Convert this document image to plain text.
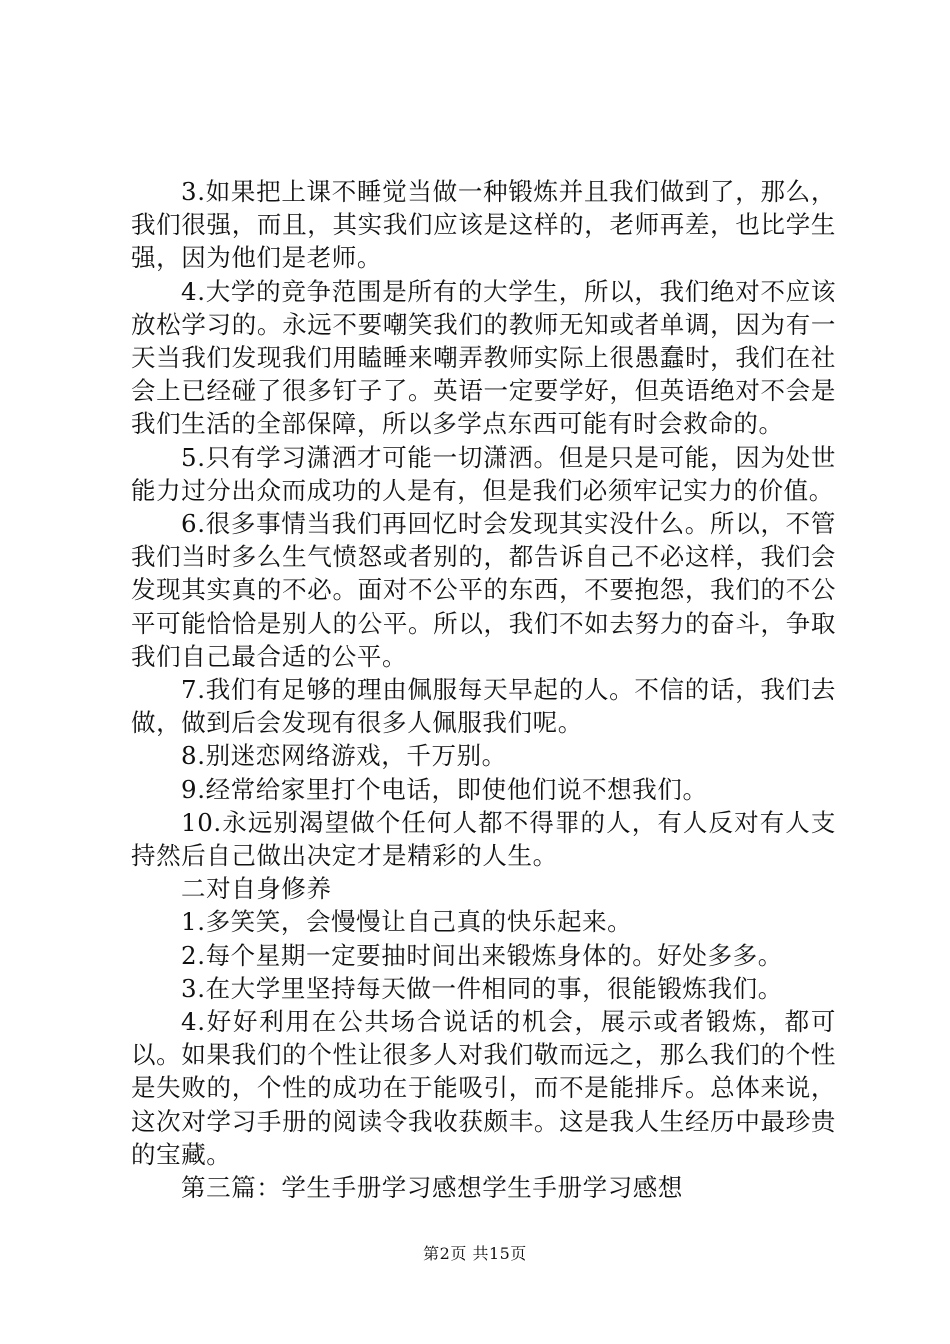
3.如果把上课不睡觉当做一种锻炼并且我们做到了，那么，我们很强，而且，其实我们应该是这样的，老师再差，也比学生强，因为他们是老师。

4.大学的竞争范围是所有的大学生，所以，我们绝对不应该放松学习的。永远不要嘲笑我们的教师无知或者单调，因为有一天当我们发现我们用瞌睡来嘲弄教师实际上很愚蠢时，我们在社会上已经碰了很多钉子了。英语一定要学好，但英语绝对不会是我们生活的全部保障，所以多学点东西可能有时会救命的。

5.只有学习潇洒才可能一切潇洒。但是只是可能，因为处世能力过分出众而成功的人是有，但是我们必须牢记实力的价值。

6.很多事情当我们再回忆时会发现其实没什么。所以，不管我们当时多么生气愤怒或者别的，都告诉自己不必这样，我们会发现其实真的不必。面对不公平的东西，不要抱怨，我们的不公平可能恰恰是别人的公平。所以，我们不如去努力的奋斗，争取我们自己最合适的公平。

7.我们有足够的理由佩服每天早起的人。不信的话，我们去做，做到后会发现有很多人佩服我们呢。

8.别迷恋网络游戏，千万别。

9.经常给家里打个电话，即使他们说不想我们。

10.永远别渴望做个任何人都不得罪的人，有人反对有人支持然后自己做出决定才是精彩的人生。

二对自身修养

1.多笑笑，会慢慢让自己真的快乐起来。

2.每个星期一定要抽时间出来锻炼身体的。好处多多。

3.在大学里坚持每天做一件相同的事，很能锻炼我们。

4.好好利用在公共场合说话的机会，展示或者锻炼，都可以。如果我们的个性让很多人对我们敬而远之，那么我们的个性是失败的，个性的成功在于能吸引，而不是能排斥。总体来说，这次对学习手册的阅读令我收获颇丰。这是我人生经历中最珍贵的宝藏。

第三篇：学生手册学习感想学生手册学习感想

第2页 共15页
